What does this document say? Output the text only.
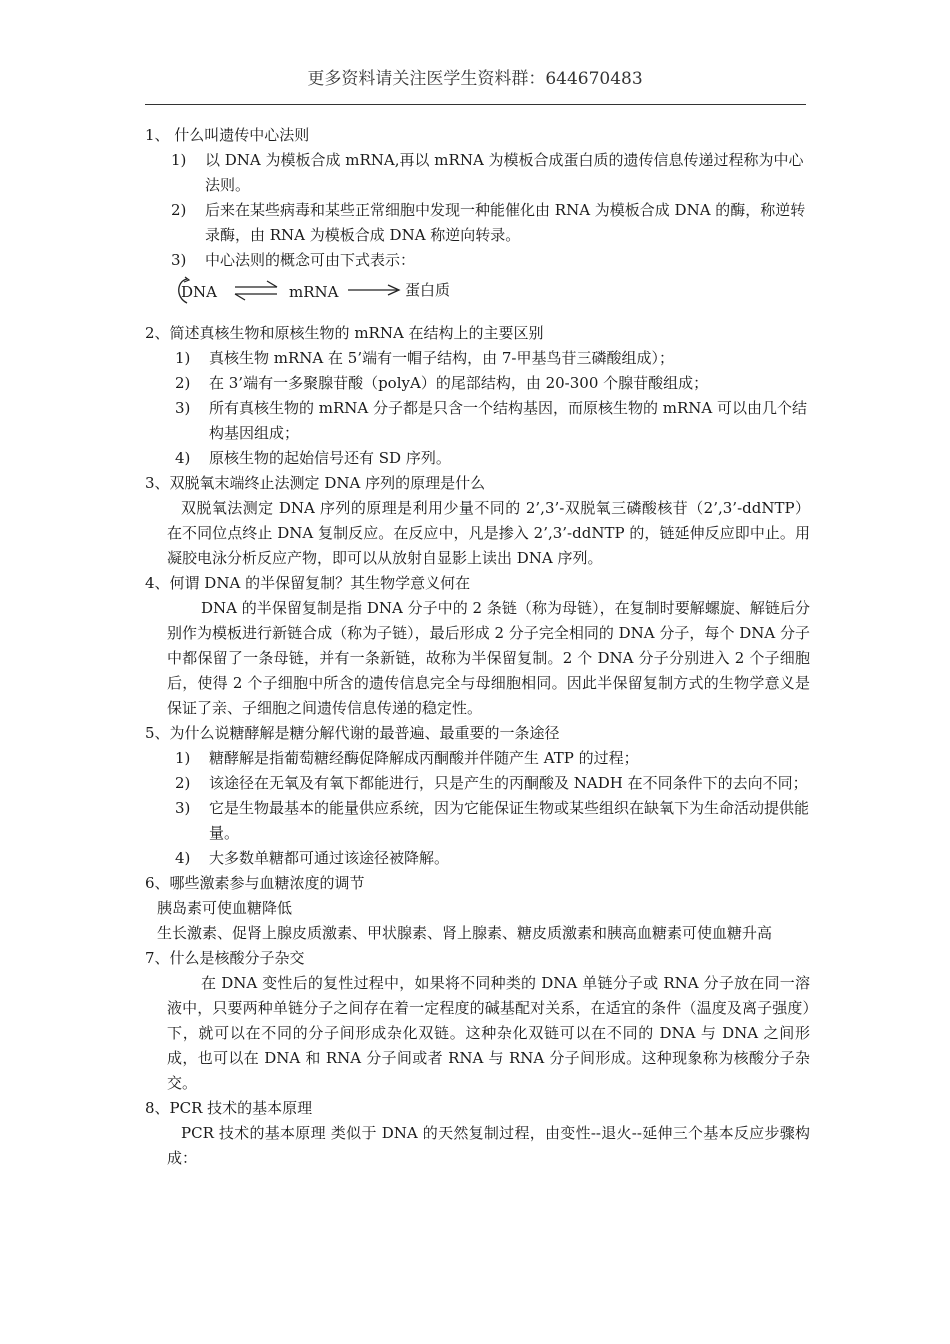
更多资料请关注医学生资料群：644670483

1、 什么叫遗传中心法则

1)	以 DNA 为模板合成 mRNA,再以 mRNA 为模板合成蛋白质的遗传信息传递过程称为中心法则。
2)	后来在某些病毒和某些正常细胞中发现一种能催化由 RNA 为模板合成 DNA 的酶，称逆转录酶，由 RNA 为模板合成 DNA 称逆向转录。
3)	中心法则的概念可由下式表示：
DNA	mRNA	蛋白质

2、简述真核生物和原核生物的 mRNA 在结构上的主要区别

1)	真核生物 mRNA 在 5’端有一帽子结构，由 7-甲基鸟苷三磷酸组成）；
2)	在 3’端有一多聚腺苷酸（polyA）的尾部结构，由 20-300 个腺苷酸组成；
3)	所有真核生物的 mRNA 分子都是只含一个结构基因，而原核生物的 mRNA 可以由几个结构基因组成；
4)	原核生物的起始信号还有 SD 序列。

3、双脱氧末端终止法测定 DNA 序列的原理是什么

双脱氧法测定 DNA 序列的原理是利用少量不同的 2’,3’-双脱氧三磷酸核苷（2’,3’-ddNTP）在不同位点终止 DNA 复制反应。在反应中，凡是掺入 2’,3’-ddNTP 的，链延伸反应即中止。用凝胶电泳分析反应产物，即可以从放射自显影上读出 DNA 序列。

4、何谓 DNA 的半保留复制？其生物学意义何在

DNA 的半保留复制是指 DNA 分子中的 2 条链（称为母链），在复制时要解螺旋、解链后分别作为模板进行新链合成（称为子链），最后形成 2 分子完全相同的 DNA 分子，每个 DNA 分子中都保留了一条母链，并有一条新链，故称为半保留复制。2 个 DNA 分子分别进入 2 个子细胞后，使得 2 个子细胞中所含的遗传信息完全与母细胞相同。因此半保留复制方式的生物学意义是保证了亲、子细胞之间遗传信息传递的稳定性。

5、为什么说糖酵解是糖分解代谢的最普遍、最重要的一条途径

1)	糖酵解是指葡萄糖经酶促降解成丙酮酸并伴随产生 ATP 的过程；
2)	该途径在无氧及有氧下都能进行，只是产生的丙酮酸及 NADH 在不同条件下的去向不同；
3)	它是生物最基本的能量供应系统，因为它能保证生物或某些组织在缺氧下为生命活动提供能量。
4)	大多数单糖都可通过该途径被降解。

6、哪些激素参与血糖浓度的调节

胰岛素可使血糖降低

生长激素、促肾上腺皮质激素、甲状腺素、肾上腺素、糖皮质激素和胰高血糖素可使血糖升高

7、什么是核酸分子杂交

在 DNA 变性后的复性过程中，如果将不同种类的 DNA 单链分子或 RNA 分子放在同一溶液中，只要两种单链分子之间存在着一定程度的碱基配对关系，在适宜的条件（温度及离子强度）下，就可以在不同的分子间形成杂化双链。这种杂化双链可以在不同的 DNA 与 DNA 之间形成，也可以在 DNA 和 RNA 分子间或者 RNA 与 RNA 分子间形成。这种现象称为核酸分子杂交。

8、PCR 技术的基本原理

PCR 技术的基本原理 类似于 DNA 的天然复制过程，由变性--退火--延伸三个基本反应步骤构成：
